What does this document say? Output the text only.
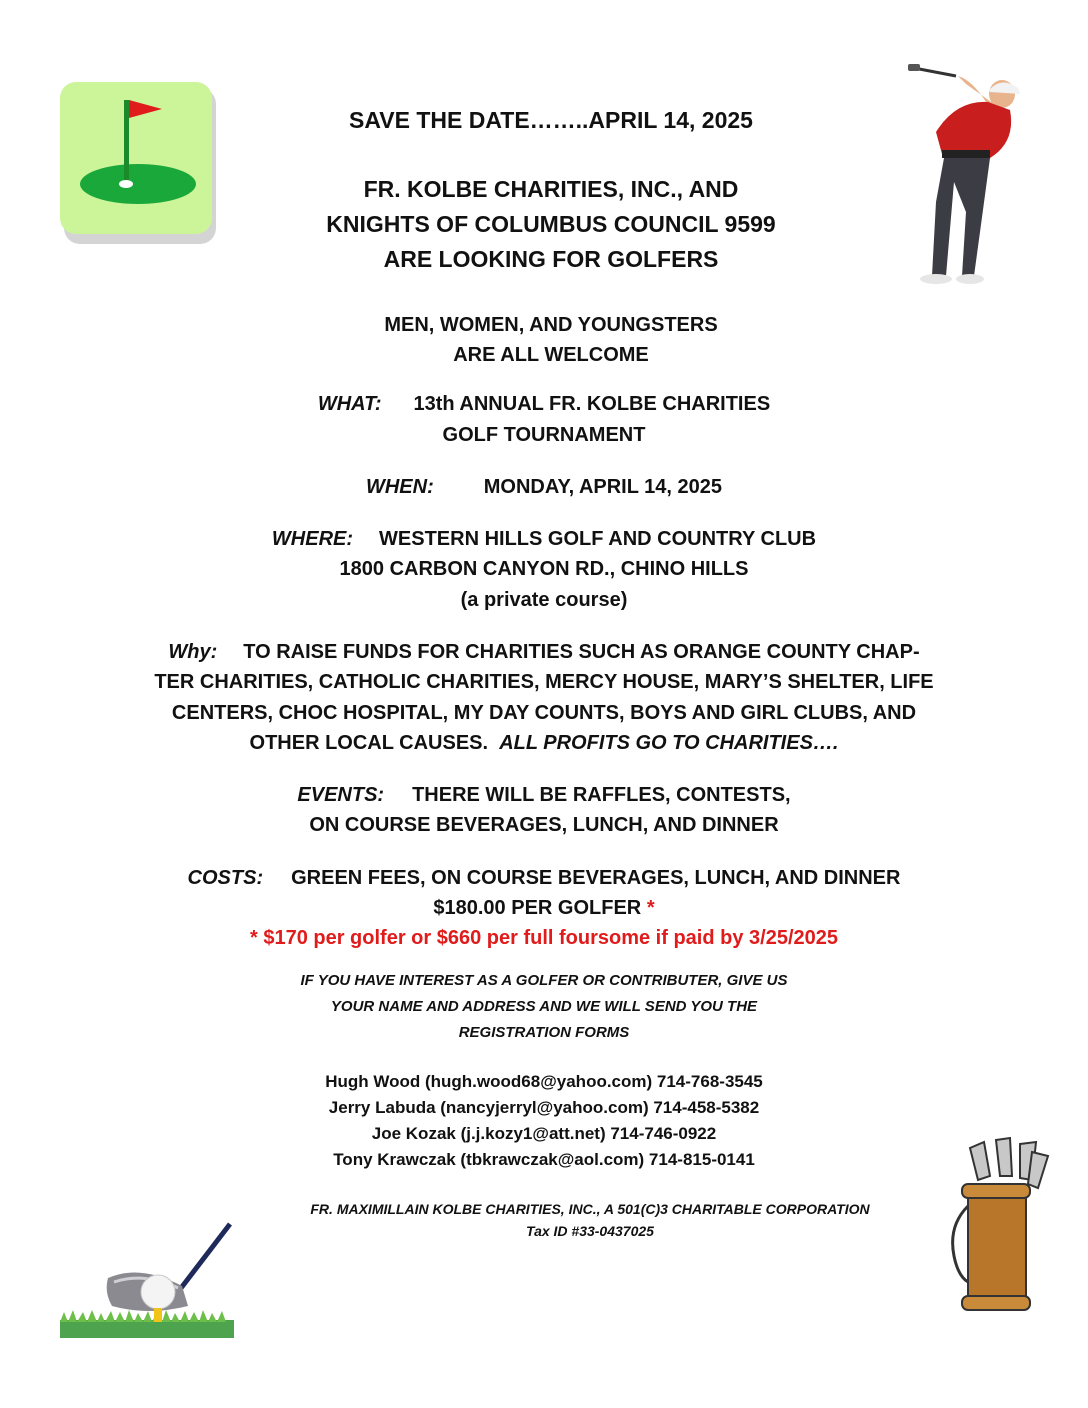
SAVE THE DATE……..APRIL 14, 2025
FR. KOLBE CHARITIES, INC., AND
KNIGHTS OF COLUMBUS COUNCIL 9599
ARE LOOKING FOR GOLFERS
MEN, WOMEN, AND YOUNGSTERS
ARE ALL WELCOME
WHAT: 13th ANNUAL FR. KOLBE CHARITIES
GOLF TOURNAMENT
WHEN:	MONDAY, APRIL 14, 2025
WHERE: WESTERN HILLS GOLF AND COUNTRY CLUB
1800 CARBON CANYON RD., CHINO HILLS
(a private course)
Why: TO RAISE FUNDS FOR CHARITIES SUCH AS ORANGE COUNTY CHAP-
TER CHARITIES, CATHOLIC CHARITIES, MERCY HOUSE, MARY’S SHELTER, LIFE
CENTERS, CHOC HOSPITAL, MY DAY COUNTS, BOYS AND GIRL CLUBS, AND
OTHER LOCAL CAUSES. ALL PROFITS GO TO CHARITIES….
EVENTS: THERE WILL BE RAFFLES, CONTESTS,
ON COURSE BEVERAGES, LUNCH, AND DINNER
COSTS: GREEN FEES, ON COURSE BEVERAGES, LUNCH, AND DINNER
$180.00 PER GOLFER *
* $170 per golfer or $660 per full foursome if paid by 3/25/2025
IF YOU HAVE INTEREST AS A GOLFER OR CONTRIBUTER, GIVE US
YOUR NAME AND ADDRESS AND WE WILL SEND YOU THE
REGISTRATION FORMS
Hugh Wood (hugh.wood68@yahoo.com) 714-768-3545
Jerry Labuda (nancyjerryl@yahoo.com) 714-458-5382
Joe Kozak (j.j.kozy1@att.net) 714-746-0922
Tony Krawczak (tbkrawczak@aol.com) 714-815-0141
FR. MAXIMILLAIN KOLBE CHARITIES, INC., A 501(C)3 CHARITABLE CORPORATION
Tax ID #33-0437025
